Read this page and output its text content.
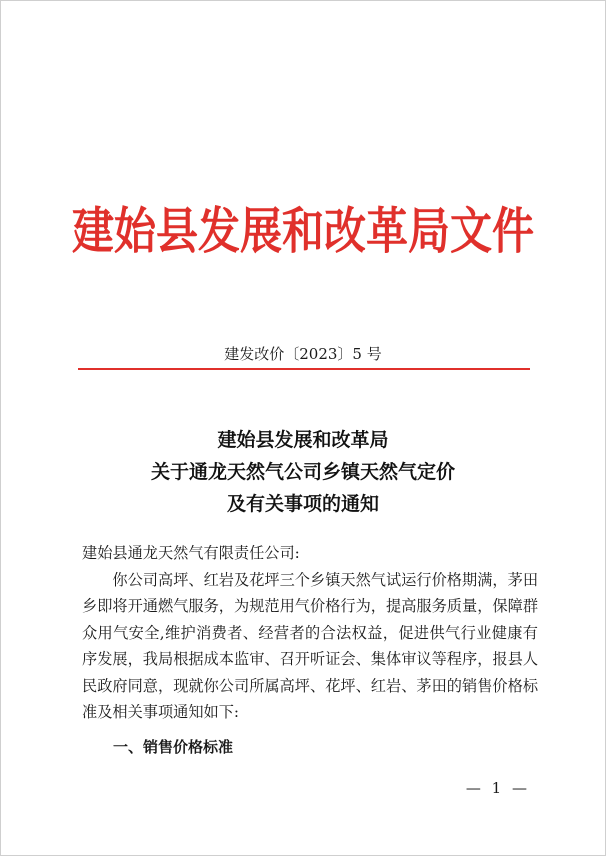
建始县发展和改革局文件
建发改价〔2023〕5 号
建始县发展和改革局
关于通龙天然气公司乡镇天然气定价
及有关事项的通知
建始县通龙天然气有限责任公司:
你公司高坪、红岩及花坪三个乡镇天然气试运行价格期满，茅田乡即将开通燃气服务，为规范用气价格行为，提高服务质量，保障群众用气安全,维护消费者、经营者的合法权益，促进供气行业健康有序发展，我局根据成本监审、召开听证会、集体审议等程序，报县人民政府同意，现就你公司所属高坪、花坪、红岩、茅田的销售价格标准及相关事项通知如下:
一、销售价格标准
— 1 —
